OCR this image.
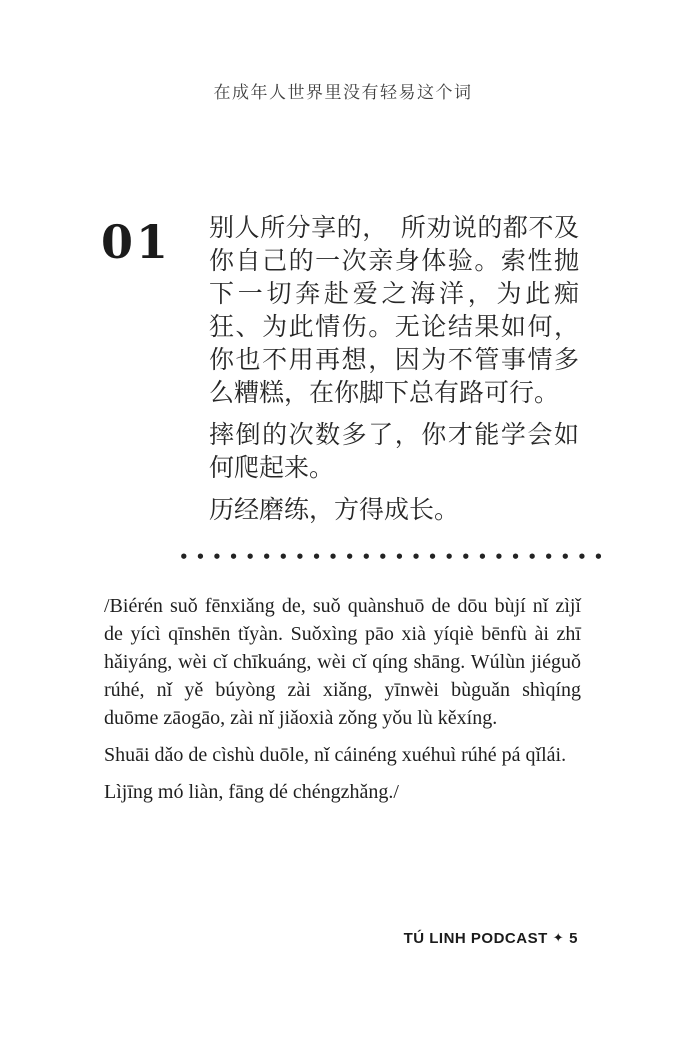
在成年人世界里没有轻易这个词
01 别人所分享的，　所劝说的都不及你自己的一次亲身体验。索性抛下一切奔赴爱之海洋，为此痴狂、为此情伤。无论结果如何，你也不用再想，因为不管事情多么糟糕，在你脚下总有路可行。

摔倒的次数多了，你才能学会如何爬起来。

历经磨练，方得成长。

••••••••••••••••••••••••••

/Biérén suǒ fēnxiǎng de, suǒ quànshuō de dōu bùjí nǐ zìjǐ de yícì qīnshēn tǐyàn. Suǒxìng pāo xià yíqiè bēnfù ài zhī hǎiyáng, wèi cǐ chīkuáng, wèi cǐ qíng shāng. Wúlùn jiéguǒ rúhé, nǐ yě búyòng zài xiǎng, yīnwèi bùguǎn shìqíng duōme zāogāo, zài nǐ jiǎoxià zǒng yǒu lù kěxíng.

Shuāi dǎo de cìshù duōle, nǐ cáinéng xuéhuì rúhé pá qǐlái.

Lìjīng mó liàn, fāng dé chéngzhǎng./

TÚ LINH PODCAST ✦ 5
